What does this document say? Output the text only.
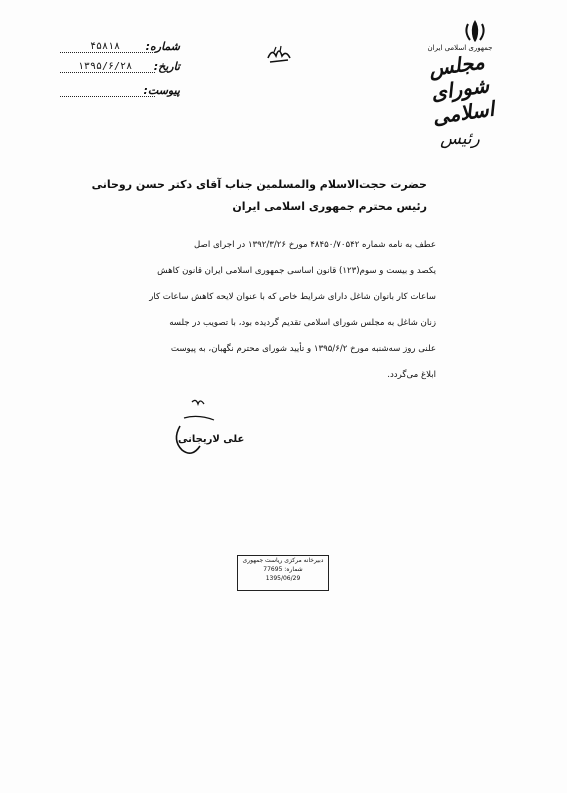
شماره:
۴۵۸۱۸
تاریخ:
۱۳۹۵/۶/۲۸
پیوست:
جمهوری اسلامی ایران
مجلس شورای اسلامی
رئیس
حضرت حجت‌الاسلام والمسلمین جناب آقای دکتر حسن روحانی
رئیس محترم جمهوری اسلامی ایران
عطف به نامه شماره ۴۸۴۵۰/۷۰۵۴۲ مورخ ۱۳۹۲/۳/۲۶ در اجرای اصل
یکصد و بیست و سوم(۱۲۳) قانون اساسی جمهوری اسلامی ایران قانون کاهش
ساعات کار بانوان شاغل دارای شرایط خاص که با عنوان لایحه کاهش ساعات کار
زنان شاغل به مجلس شورای اسلامی تقدیم گردیده بود، با تصویب در جلسه
علنی روز سه‌شنبه مورخ ۱۳۹۵/۶/۲ و تأیید شورای محترم نگهبان، به پیوست
ابلاغ می‌گردد.
علی لاریجانی
دبیرخانه مرکزی ریاست جمهوری
شماره: 77695
1395/06/29
